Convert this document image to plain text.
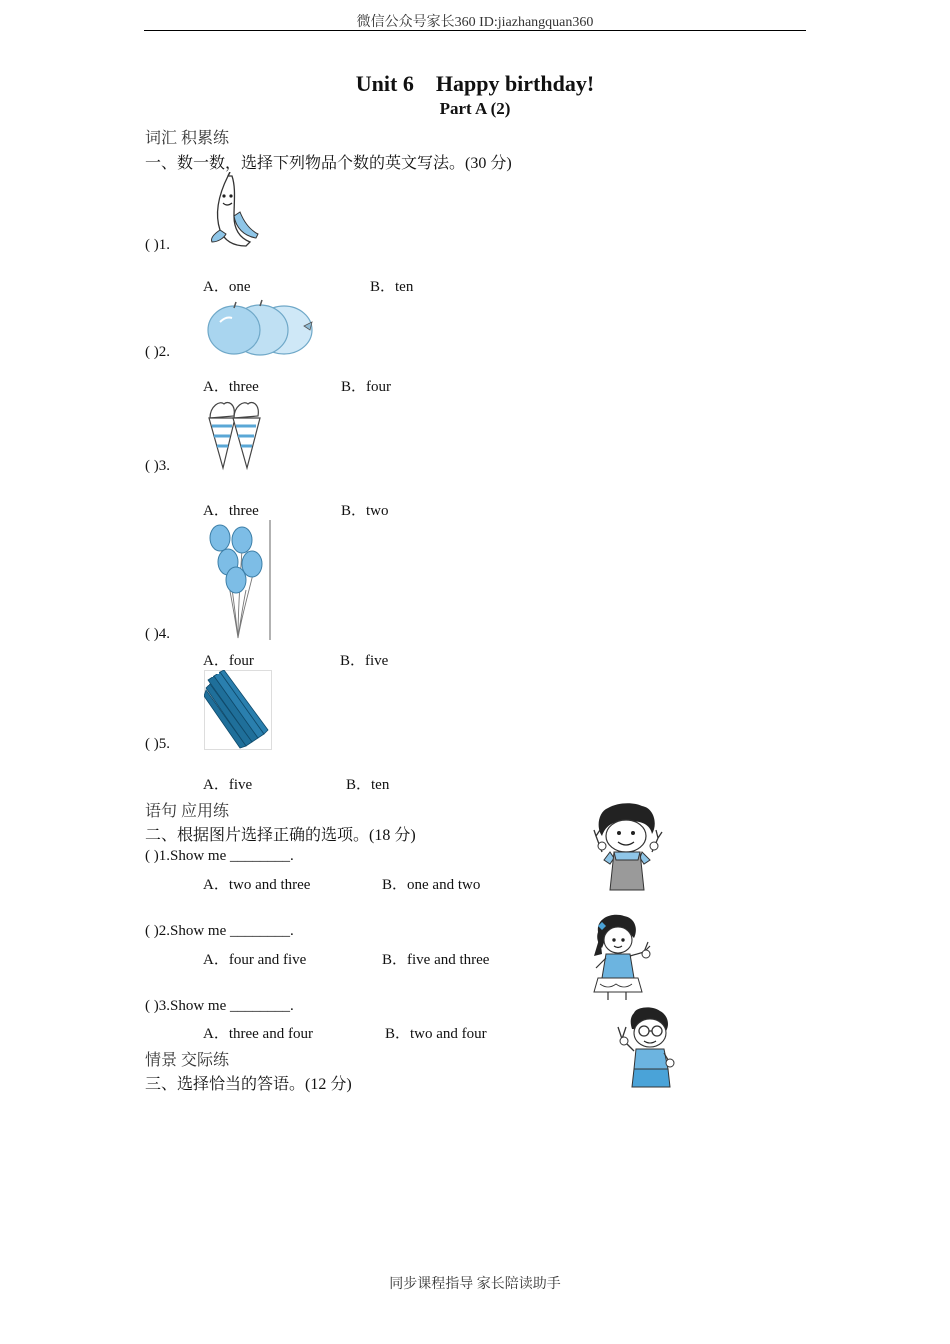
微信公众号家长360 ID:jiazhangquan360
Unit 6    Happy birthday!
Part A (2)
词汇 积累练
一、数一数，选择下列物品个数的英文写法。(30 分)
( )1.
A．one	B．ten
( )2.
A．three	B．four
( )3.
A．three	B．two
( )4.
A．four	B．five
( )5.
A．five	B．ten
语句 应用练
二、根据图片选择正确的选项。(18 分)
( )1.Show me ________.
A．two and three	B．one and two
( )2.Show me ________.
A．four and five	B．five and three
( )3.Show me ________.
A．three and four	B．two and four
情景 交际练
三、选择恰当的答语。(12 分)
同步课程指导 家长陪读助手
